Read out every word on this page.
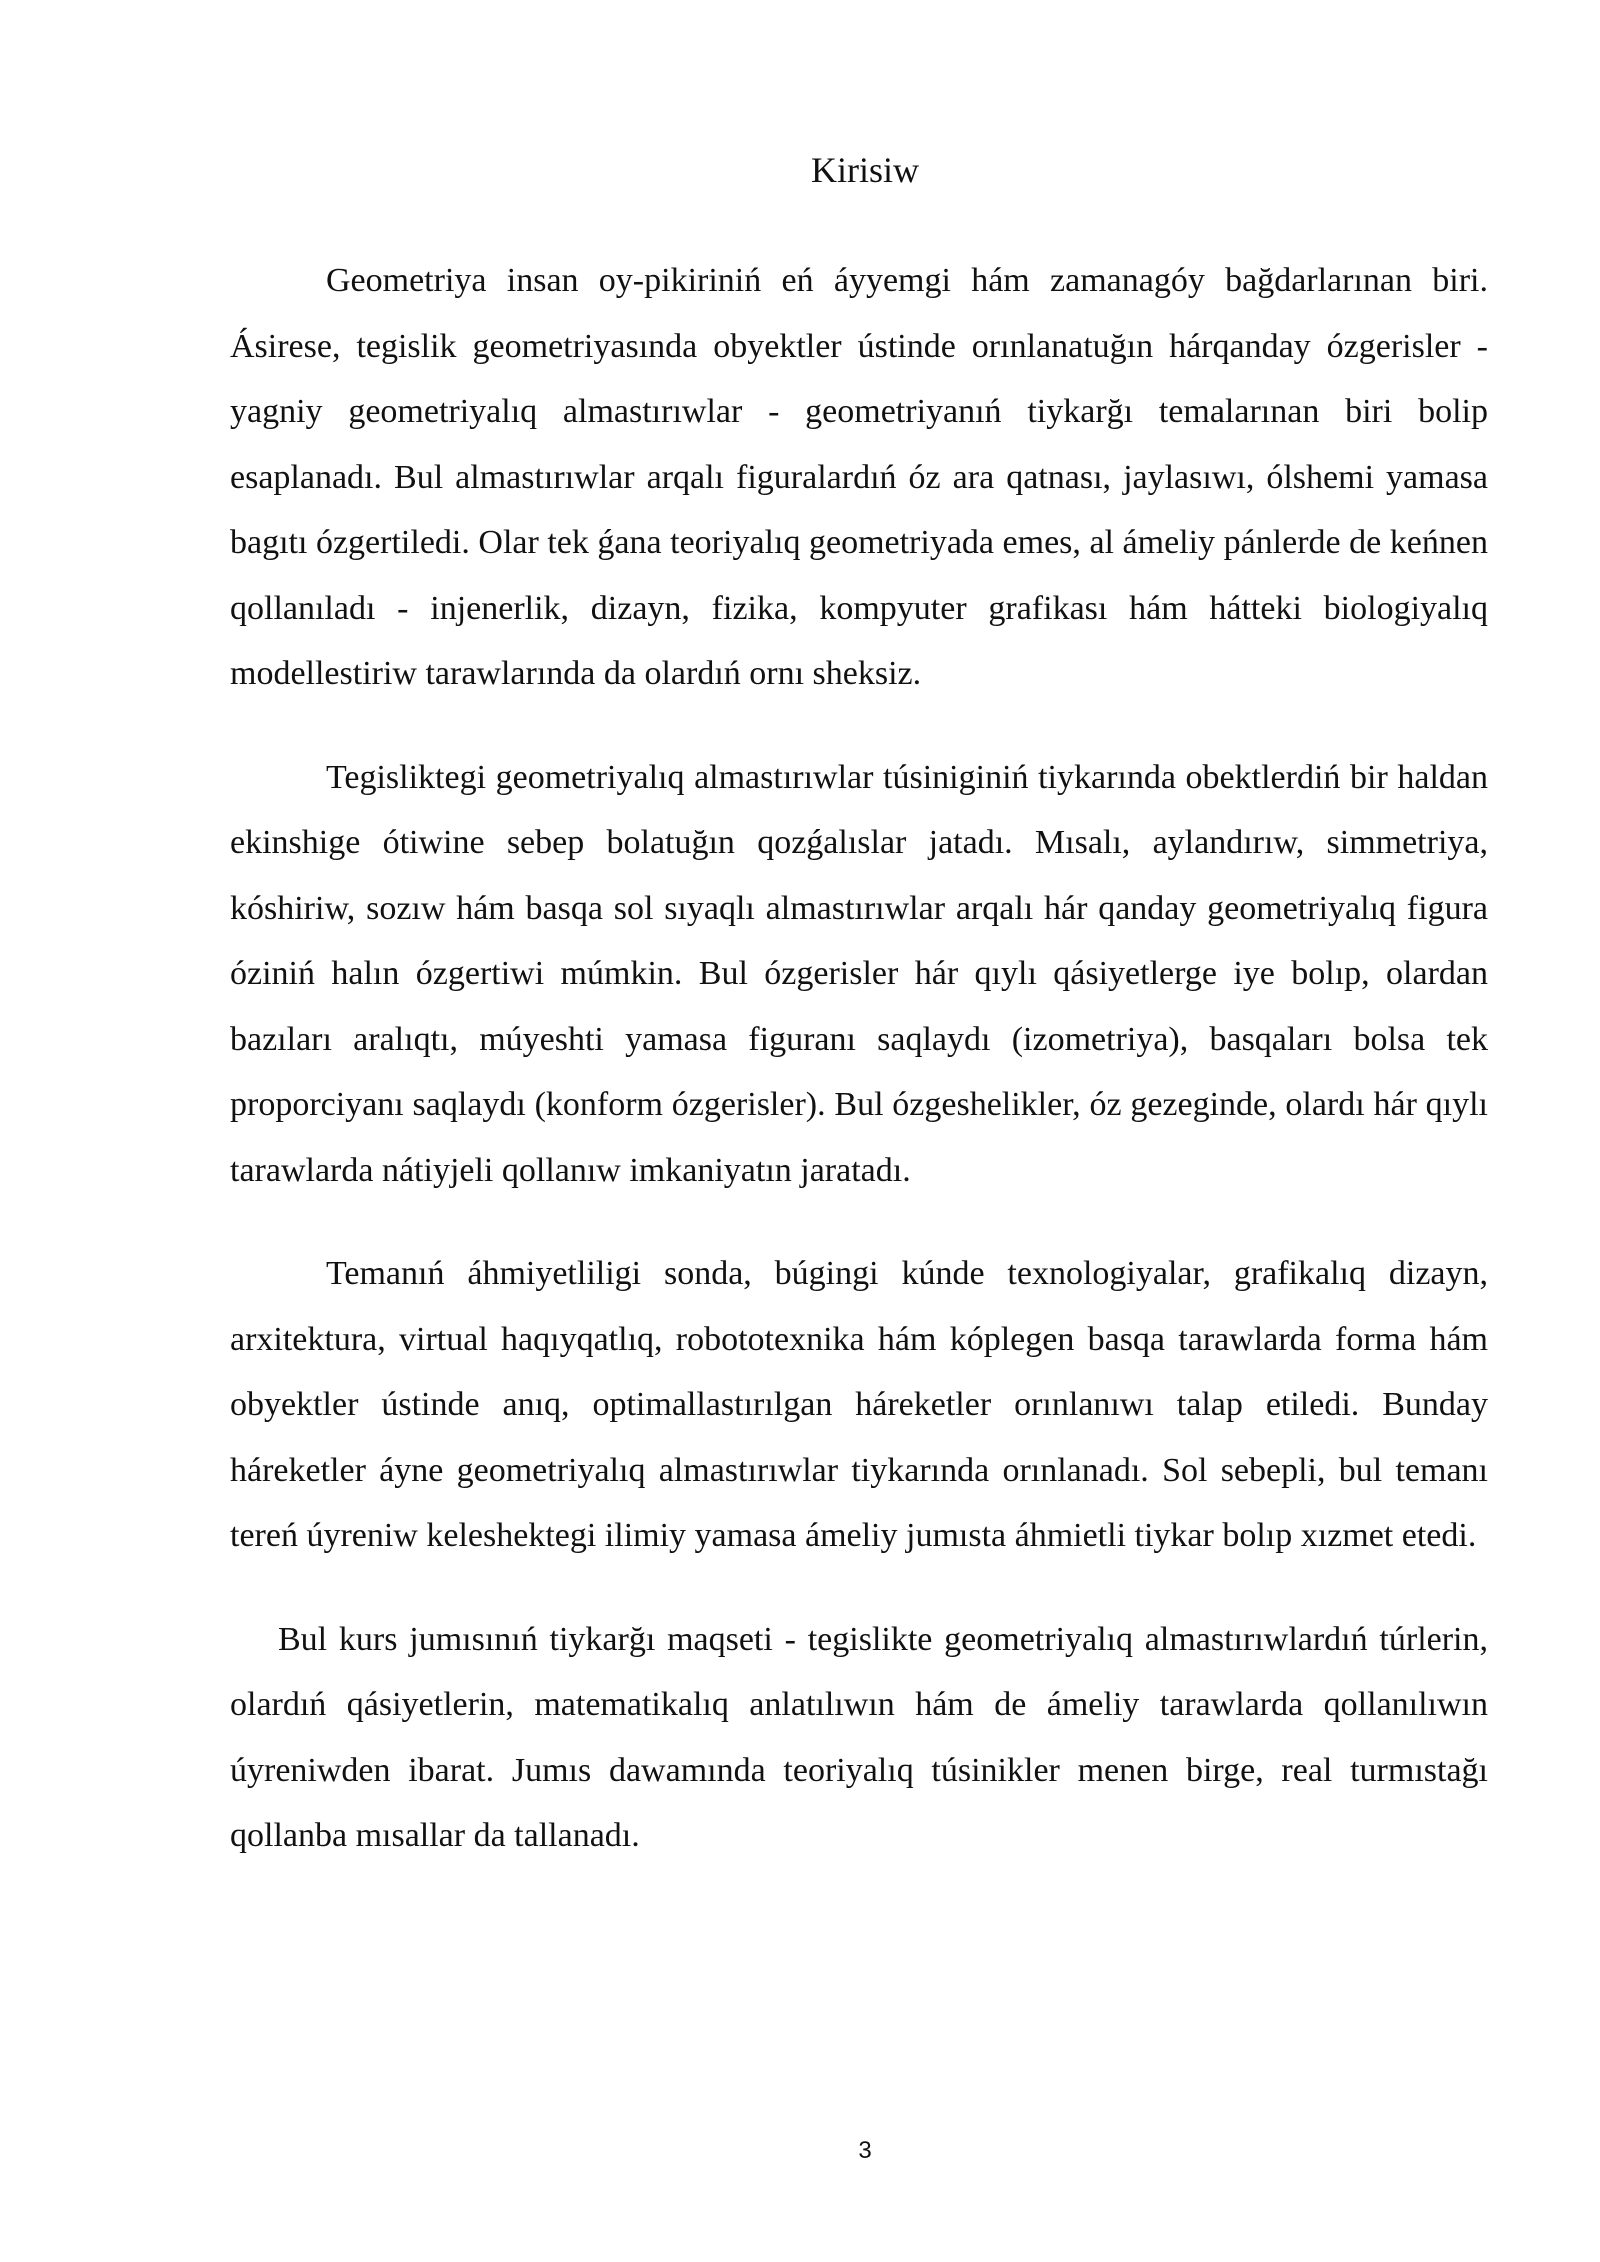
Kirisiw

Geometriya insan oy-pikiriniń eń áyyemgi hám zamanagóy bağdarlarınan biri. Ásirese, tegislik geometriyasında obyektler ústinde orınlanatuğın hárqanday ózgerisler - yagniy geometriyalıq almastırıwlar - geometriyanıń tiykarğı temalarınan biri bolip esaplanadı. Bul almastırıwlar arqalı figuralardıń óz ara qatnası, jaylasıwı, ólshemi yamasa bagıtı ózgertiledi. Olar tek ǵana teoriyalıq geometriyada emes, al ámeliy pánlerde de keńnen qollanıladı - injenerlik, dizayn, fizika, kompyuter grafikası hám hátteki biologiyalıq modellestiriw tarawlarında da olardıń ornı sheksiz.

Tegisliktegi geometriyalıq almastırıwlar túsiniginiń tiykarında obektlerdiń bir haldan ekinshige ótiwine sebep bolatuğın qozǵalıslar jatadı. Mısalı, aylandırıw, simmetriya, kóshiriw, sozıw hám basqa sol sıyaqlı almastırıwlar arqalı hár qanday geometriyalıq figura óziniń halın ózgertiwi múmkin. Bul ózgerisler hár qıylı qásiyetlerge iye bolıp, olardan bazıları aralıqtı, múyeshti yamasa figuranı saqlaydı (izometriya), basqaları bolsa tek proporciyanı saqlaydı (konform ózgerisler). Bul ózgeshelikler, óz gezeginde, olardı hár qıylı tarawlarda nátiyjeli qollanıw imkaniyatın jaratadı.

Temanıń áhmiyetliligi sonda, búgingi kúnde texnologiyalar, grafikalıq dizayn, arxitektura, virtual haqıyqatlıq, robototexnika hám kóplegen basqa tarawlarda forma hám obyektler ústinde anıq, optimallastırılgan háreketler orınlanıwı talap etiledi. Bunday háreketler áyne geometriyalıq almastırıwlar tiykarında orınlanadı. Sol sebepli, bul temanı tereń úyreniw keleshektegi ilimiy yamasa ámeliy jumısta áhmietli tiykar bolıp xızmet etedi.

Bul kurs jumısınıń tiykarğı maqseti - tegislikte geometriyalıq almastırıwlardıń túrlerin, olardıń qásiyetlerin, matematikalıq anlatılıwın hám de ámeliy tarawlarda qollanılıwın úyreniwden ibarat. Jumıs dawamında teoriyalıq túsinikler menen birge, real turmıstağı qollanba mısallar da tallanadı.

3
